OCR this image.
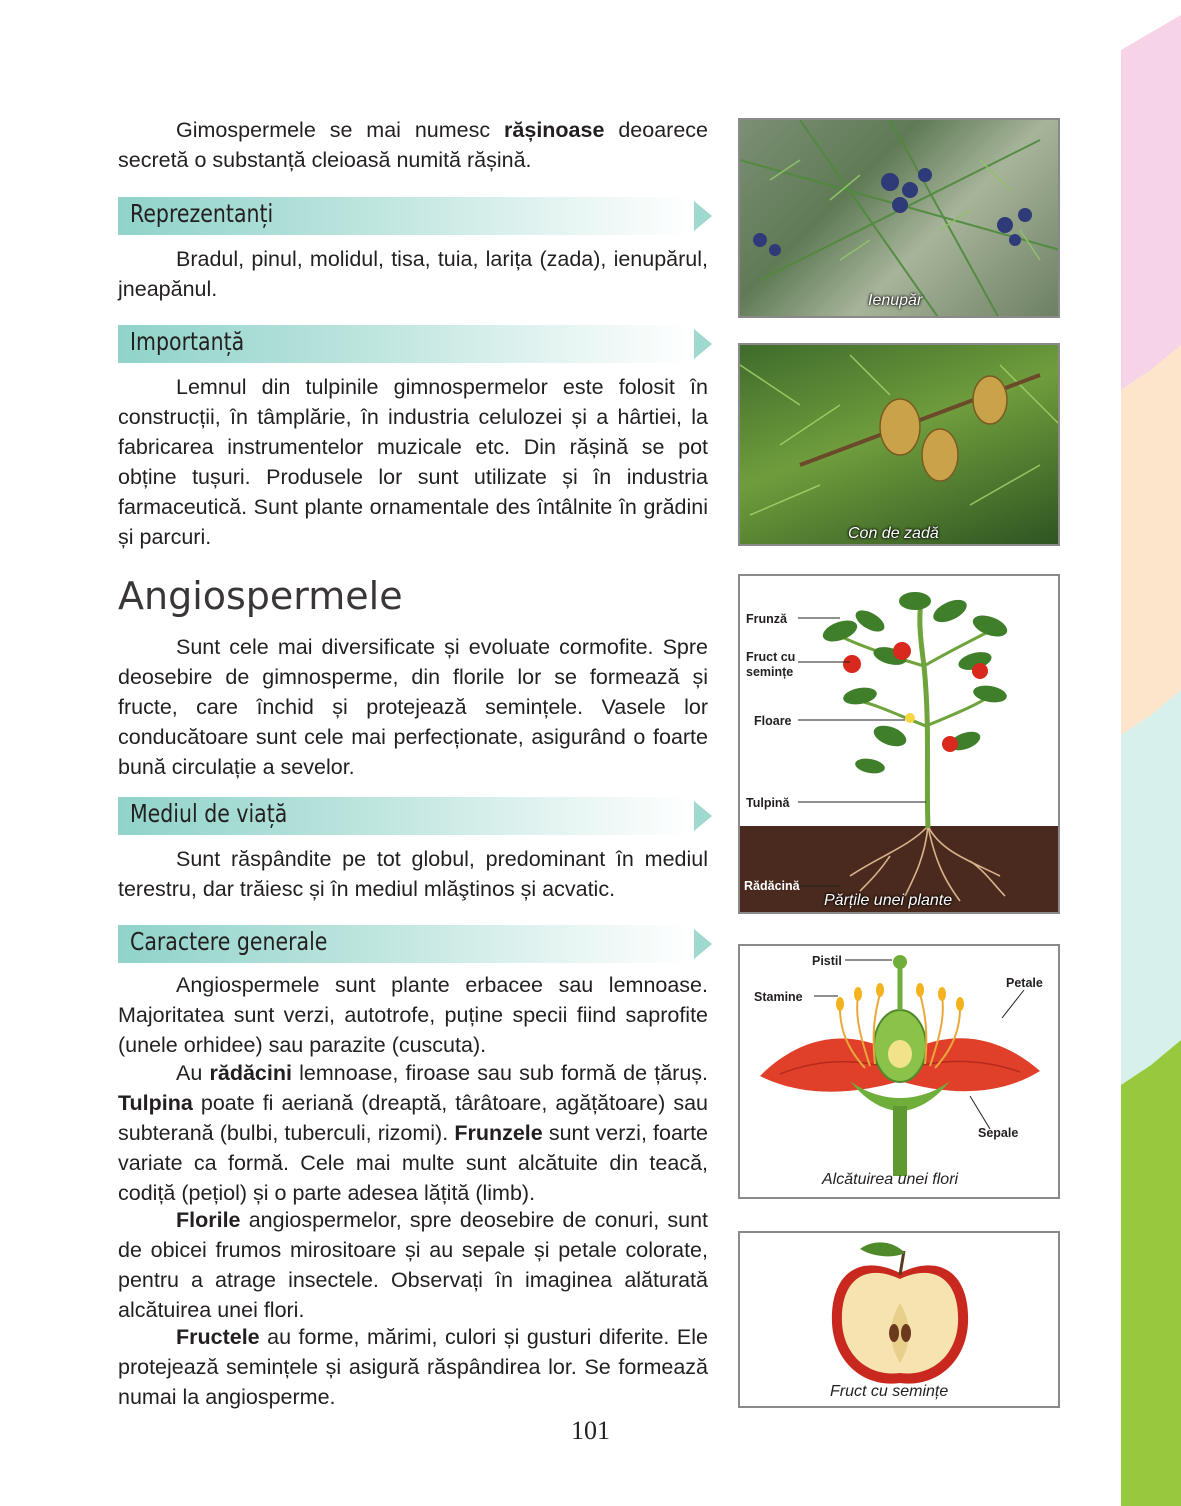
Gimospermele se mai numesc rășinoase deoarece secretă o substanță cleioasă numită rășină.

Reprezentanți

Bradul, pinul, molidul, tisa, tuia, larița (zada), ienupărul, jneapănul.

Importanță

Lemnul din tulpinile gimnospermelor este folosit în construcții, în tâmplărie, în industria celulozei și a hârtiei, la fabricarea instrumentelor muzicale etc. Din rășină se pot obține tușuri. Produsele lor sunt utilizate și în industria farmaceutică. Sunt plante ornamentale des întâlnite în grădini și parcuri.

Angiospermele

Sunt cele mai diversificate și evoluate cormofite. Spre deosebire de gimnosperme, din florile lor se formează și fructe, care închid și protejează semințele. Vasele lor conducătoare sunt cele mai perfecționate, asigurând o foarte bună circulație a sevelor.

Mediul de viață

Sunt răspândite pe tot globul, predominant în mediul terestru, dar trăiesc și în mediul mlăştinos și acvatic.

Caractere generale

Angiospermele sunt plante erbacee sau lemnoase. Majoritatea sunt verzi, autotrofe, puține specii fiind saprofite (unele orhidee) sau parazite (cuscuta).

Au rădăcini lemnoase, firoase sau sub formă de țăruș. Tulpina poate fi aeriană (dreaptă, târâtoare, agățătoare) sau subterană (bulbi, tuberculi, rizomi). Frunzele sunt verzi, foarte variate ca formă. Cele mai multe sunt alcătuite din teacă, codiță (pețiol) și o parte adesea lățită (limb).

Florile angiospermelor, spre deosebire de conuri, sunt de obicei frumos mirositoare și au sepale și petale colorate, pentru a atrage insectele. Observați în imaginea alăturată alcătuirea unei flori.

Fructele au forme, mărimi, culori și gusturi diferite. Ele protejează semințele și asigură răspândirea lor. Se formează numai la angiosperme.

Ienupăr
Con de zadă
Frunză
Fruct cu
semințe
Floare
Tulpină
Rădăcină
Părțile unei plante
Pistil
Stamine
Petale
Sepale
Alcătuirea unei flori
Fruct cu semințe
101
